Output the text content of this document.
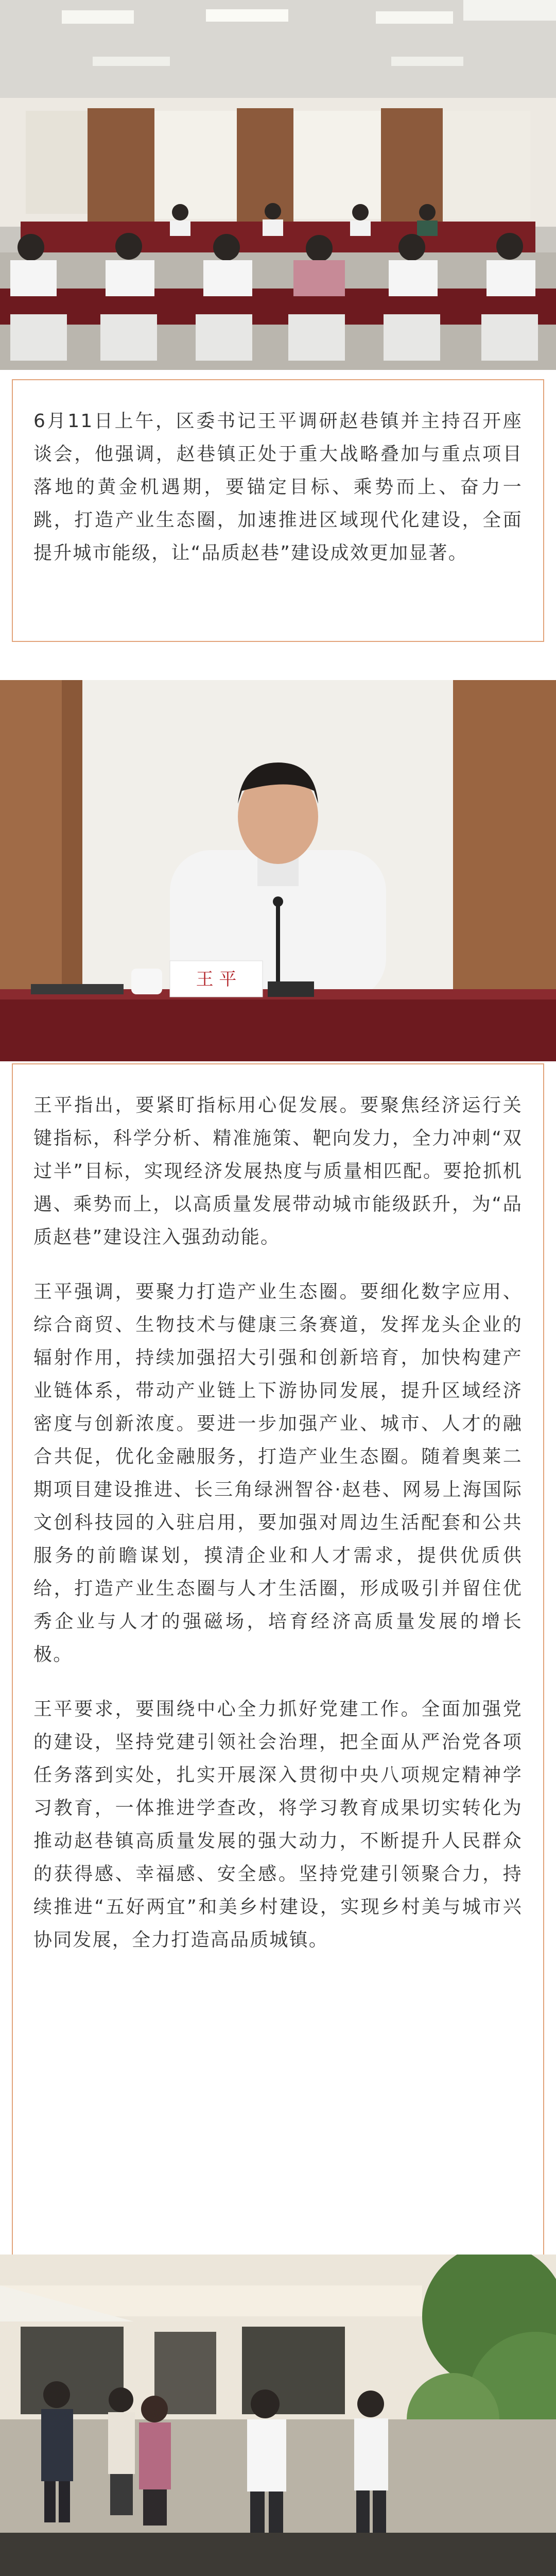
6月11日上午，区委书记王平调研赵巷镇并主持召开座谈会，他强调，赵巷镇正处于重大战略叠加与重点项目落地的黄金机遇期，要锚定目标、乘势而上、奋力一跳，打造产业生态圈，加速推进区域现代化建设，全面提升城市能级，让“品质赵巷”建设成效更加显著。

王 平

王平指出，要紧盯指标用心促发展。要聚焦经济运行关键指标，科学分析、精准施策、靶向发力，全力冲刺“双过半”目标，实现经济发展热度与质量相匹配。要抢抓机遇、乘势而上，以高质量发展带动城市能级跃升，为“品质赵巷”建设注入强劲动能。

王平强调，要聚力打造产业生态圈。要细化数字应用、综合商贸、生物技术与健康三条赛道，发挥龙头企业的辐射作用，持续加强招大引强和创新培育，加快构建产业链体系，带动产业链上下游协同发展，提升区域经济密度与创新浓度。要进一步加强产业、城市、人才的融合共促，优化金融服务，打造产业生态圈。随着奥莱二期项目建设推进、长三角绿洲智谷·赵巷、网易上海国际文创科技园的入驻启用，要加强对周边生活配套和公共服务的前瞻谋划，摸清企业和人才需求，提供优质供给，打造产业生态圈与人才生活圈，形成吸引并留住优秀企业与人才的强磁场，培育经济高质量发展的增长极。

王平要求，要围绕中心全力抓好党建工作。全面加强党的建设，坚持党建引领社会治理，把全面从严治党各项任务落到实处，扎实开展深入贯彻中央八项规定精神学习教育，一体推进学查改，将学习教育成果切实转化为推动赵巷镇高质量发展的强大动力，不断提升人民群众的获得感、幸福感、安全感。坚持党建引领聚合力，持续推进“五好两宜”和美乡村建设，实现乡村美与城市兴协同发展，全力打造高品质城镇。
